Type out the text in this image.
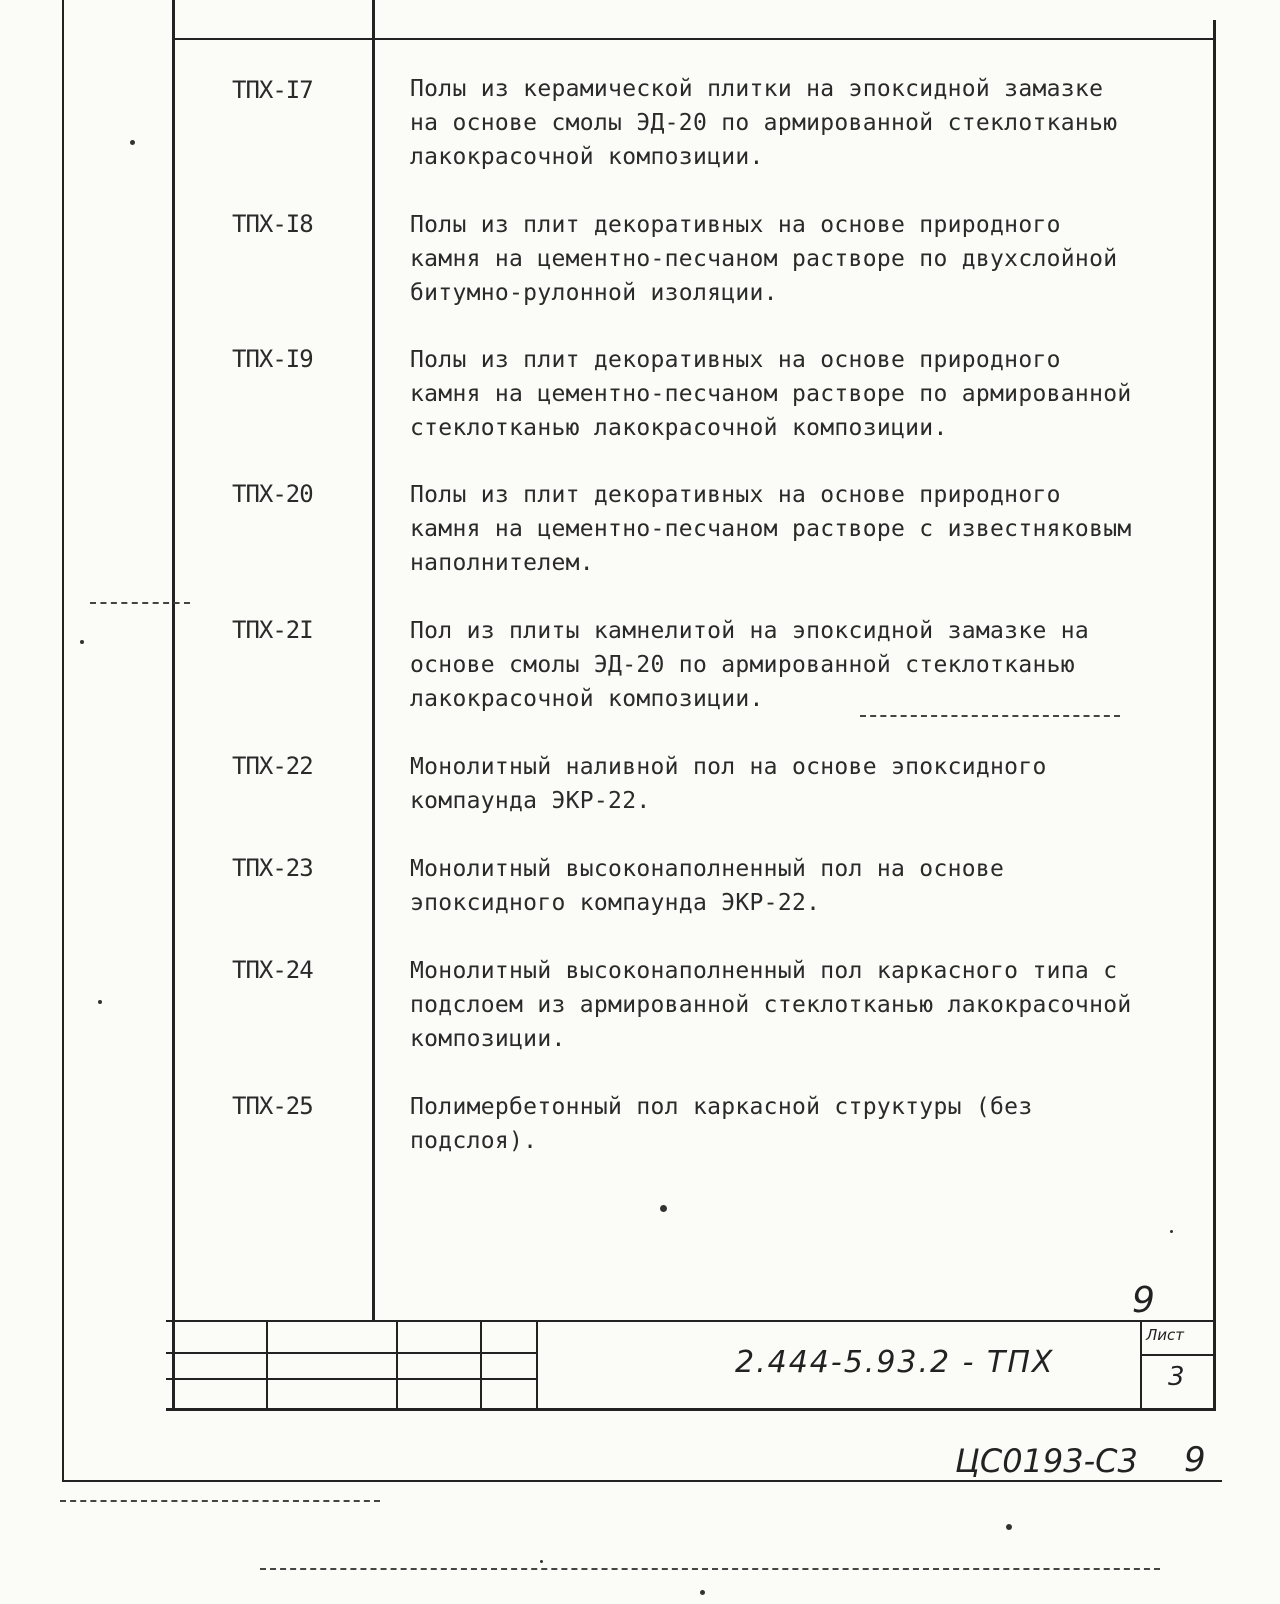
ТПХ-I7	Полы из керамической плитки на эпоксидной замазке на основе смолы ЭД-20 по армированной стеклотканью лакокрасочной композиции.
ТПХ-I8	Полы из плит декоративных на основе природного камня на цементно-песчаном растворе по двухслойной битумно-рулонной изоляции.
ТПХ-I9	Полы из плит декоративных на основе природного камня на цементно-песчаном растворе по армированной стеклотканью лакокрасочной композиции.
ТПХ-20	Полы из плит декоративных на основе природного камня на цементно-песчаном растворе с известняковым наполнителем.
ТПХ-2I	Пол из плиты камнелитой на эпоксидной замазке на основе смолы ЭД-20 по армированной стеклотканью лакокрасочной композиции.
ТПХ-22	Монолитный наливной пол на основе эпоксидного компаунда ЭКР-22.
ТПХ-23	Монолитный высоконаполненный пол на основе эпоксидного компаунда ЭКР-22.
ТПХ-24	Монолитный высоконаполненный пол каркасного типа с подслоем из армированной стеклотканью лакокрасочной композиции.
ТПХ-25	Полимербетонный пол каркасной структуры (без подслоя).
9
2.444-5.93.2 - ТПХ
Лист
3
ЦС0193-С3 9
